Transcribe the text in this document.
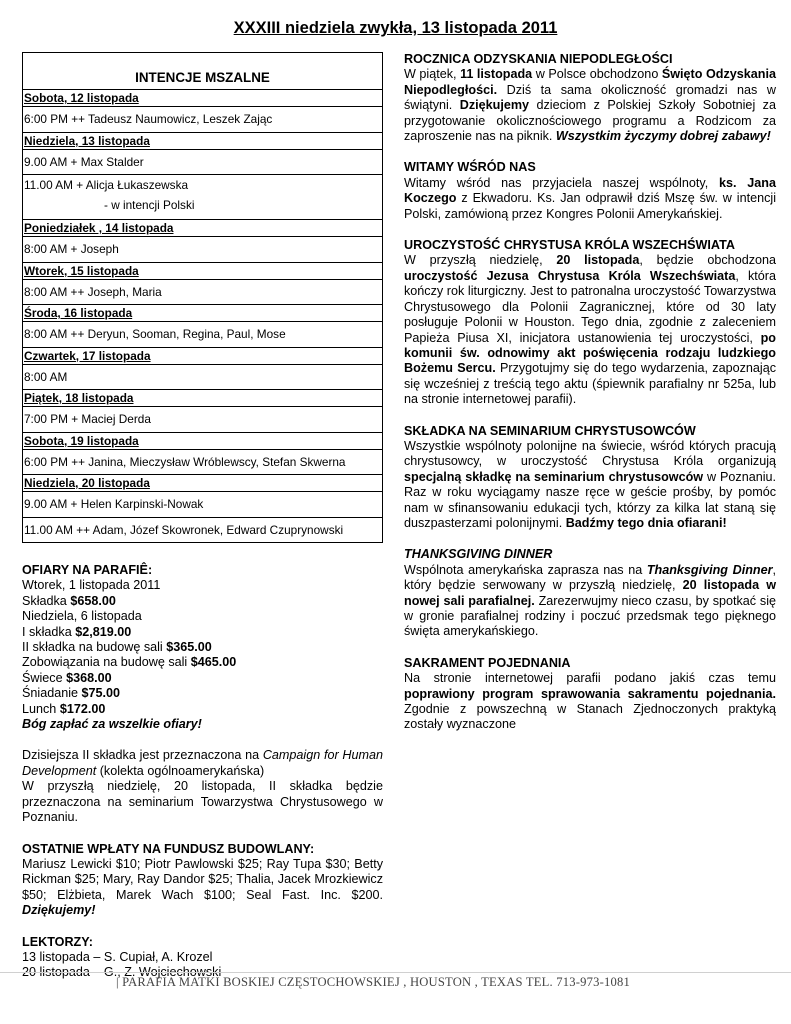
XXXIII niedziela zwykła, 13 listopada 2011
INTENCJE MSZALNE
Sobota, 12 listopada
6:00 PM ++ Tadeusz Naumowicz, Leszek Zając
Niedziela, 13 listopada
9.00 AM + Max Stalder
11.00 AM + Alicja Łukaszewska
- w intencji Polski
Poniedziałek , 14 listopada
8:00 AM + Joseph
Wtorek, 15 listopada
8:00 AM ++ Joseph, Maria
Środa, 16 listopada
8:00 AM ++ Deryun, Sooman, Regina, Paul, Mose
Czwartek, 17 listopada
8:00 AM
Piątek, 18 listopada
7:00 PM + Maciej Derda
Sobota, 19 listopada
6:00 PM ++ Janina, Mieczysław Wróblewscy, Stefan Skwerna
Niedziela, 20 listopada
9.00 AM + Helen Karpinski-Nowak
11.00 AM ++ Adam, Józef Skowronek, Edward Czuprynowski

OFIARY NA PARAFIÊ:

Wtorek, 1 listopada 2011

Składka $658.00

Niedziela, 6 listopada

I składka $2,819.00

II składka na budowę sali $365.00

Zobowiązania na budowę sali $465.00

Świece $368.00

Śniadanie $75.00

Lunch $172.00

Bóg zapłać za wszelkie ofiary!

Dzisiejsza II składka jest przeznaczona na Campaign for Human Development (kolekta ogólnoamerykańska)

W przyszłą niedzielę, 20 listopada, II składka będzie przeznaczona na seminarium Towarzystwa Chrystusowego w Poznaniu.

OSTATNIE WPŁATY NA FUNDUSZ BUDOWLANY:

Mariusz Lewicki $10; Piotr Pawlowski $25; Ray Tupa $30; Betty Rickman $25; Mary, Ray Dandor $25; Thalia, Jacek Mrozkiewicz $50; Elżbieta, Marek Wach $100; Seal Fast. Inc. $200. Dziękujemy!

LEKTORZY:

13 listopada – S. Cupiał, A. Krozel

20 listopada – G., Z. Wojciechowski

ROCZNICA ODZYSKANIA NIEPODLEGŁOŚCI

W piątek, 11 listopada w Polsce obchodzono Święto Odzyskania Niepodległości. Dziś ta sama okoliczność gromadzi nas w świątyni. Dziękujemy dzieciom z Polskiej Szkoły Sobotniej za przygotowanie okolicznościowego programu a Rodzicom za zaproszenie nas na piknik. Wszystkim życzymy dobrej zabawy!

WITAMY WŚRÓD NAS

Witamy wśród nas przyjaciela naszej wspólnoty, ks. Jana Koczego z Ekwadoru. Ks. Jan odprawił dziś Mszę św. w intencji Polski, zamówioną przez Kongres Polonii Amerykańskiej.

UROCZYSTOŚĆ CHRYSTUSA KRÓLA WSZECHŚWIATA

W przyszłą niedzielę, 20 listopada, będzie obchodzona uroczystość Jezusa Chrystusa Króla Wszechświata, która kończy rok liturgiczny. Jest to patronalna uroczystość Towarzystwa Chrystusowego dla Polonii Zagranicznej, które od 30 laty posługuje Polonii w Houston. Tego dnia, zgodnie z zaleceniem Papieża Piusa XI, inicjatora ustanowienia tej uroczystości, po komunii św. odnowimy akt poświęcenia rodzaju ludzkiego Bożemu Sercu. Przygotujmy się do tego wydarzenia, zapoznając się wcześniej z treścią tego aktu (śpiewnik parafialny nr 525a, lub na stronie internetowej parafii).

SKŁADKA NA SEMINARIUM CHRYSTUSOWCÓW

Wszystkie wspólnoty polonijne na świecie, wśród których pracują chrystusowcy, w uroczystość Chrystusa Króla organizują specjalną składkę na seminarium chrystusowców w Poznaniu. Raz w roku wyciągamy nasze ręce w geście prośby, by pomóc nam w sfinansowaniu edukacji tych, którzy za kilka lat staną się duszpasterzami polonijnymi. Badźmy tego dnia ofiarani!

THANKSGIVING DINNER

Wspólnota amerykańska zaprasza nas na Thanksgiving Dinner, który będzie serwowany w przyszłą niedzielę, 20 listopada w nowej sali parafialnej. Zarezerwujmy nieco czasu, by spotkać się w gronie parafialnej rodziny i poczuć przedsmak tego pięknego święta amerykańskiego.

SAKRAMENT POJEDNANIA

Na stronie internetowej parafii podano jakiś czas temu poprawiony program sprawowania sakramentu pojednania. Zgodnie z powszechną w Stanach Zjednoczonych praktyką zostały wyznaczone

| PARAFIA MATKI BOSKIEJ CZĘSTOCHOWSKIEJ , HOUSTON , TEXAS TEL. 713-973-1081
